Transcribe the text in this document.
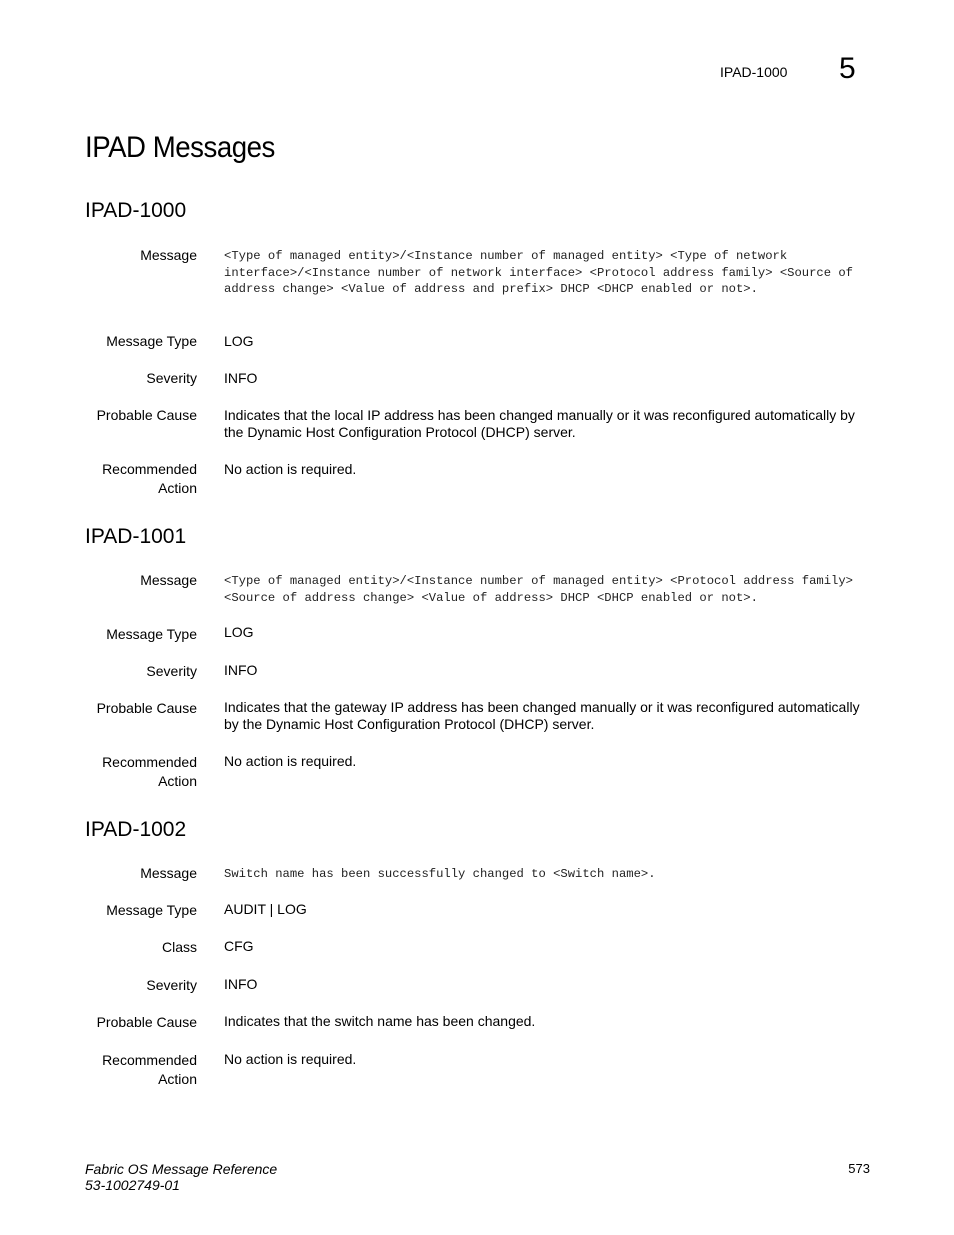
IPAD-1000 5
IPAD Messages
IPAD-1000
Message <Type of managed entity>/<Instance number of managed entity> <Type of network interface>/<Instance number of network interface> <Protocol address family> <Source of address change> <Value of address and prefix> DHCP <DHCP enabled or not>.
Message Type LOG
Severity INFO
Probable Cause Indicates that the local IP address has been changed manually or it was reconfigured automatically by the Dynamic Host Configuration Protocol (DHCP) server.
Recommended Action
No action is required.
IPAD-1001
Message <Type of managed entity>/<Instance number of managed entity> <Protocol address family> <Source of address change> <Value of address> DHCP <DHCP enabled or not>.
Message Type LOG
Severity INFO
Probable Cause Indicates that the gateway IP address has been changed manually or it was reconfigured automatically by the Dynamic Host Configuration Protocol (DHCP) server.
Recommended Action
No action is required.
IPAD-1002
Message Switch name has been successfully changed to <Switch name>.
Message Type AUDIT | LOG
Class CFG
Severity INFO
Probable Cause Indicates that the switch name has been changed.
Recommended Action
No action is required.
Fabric OS Message Reference
53-1002749-01
573
